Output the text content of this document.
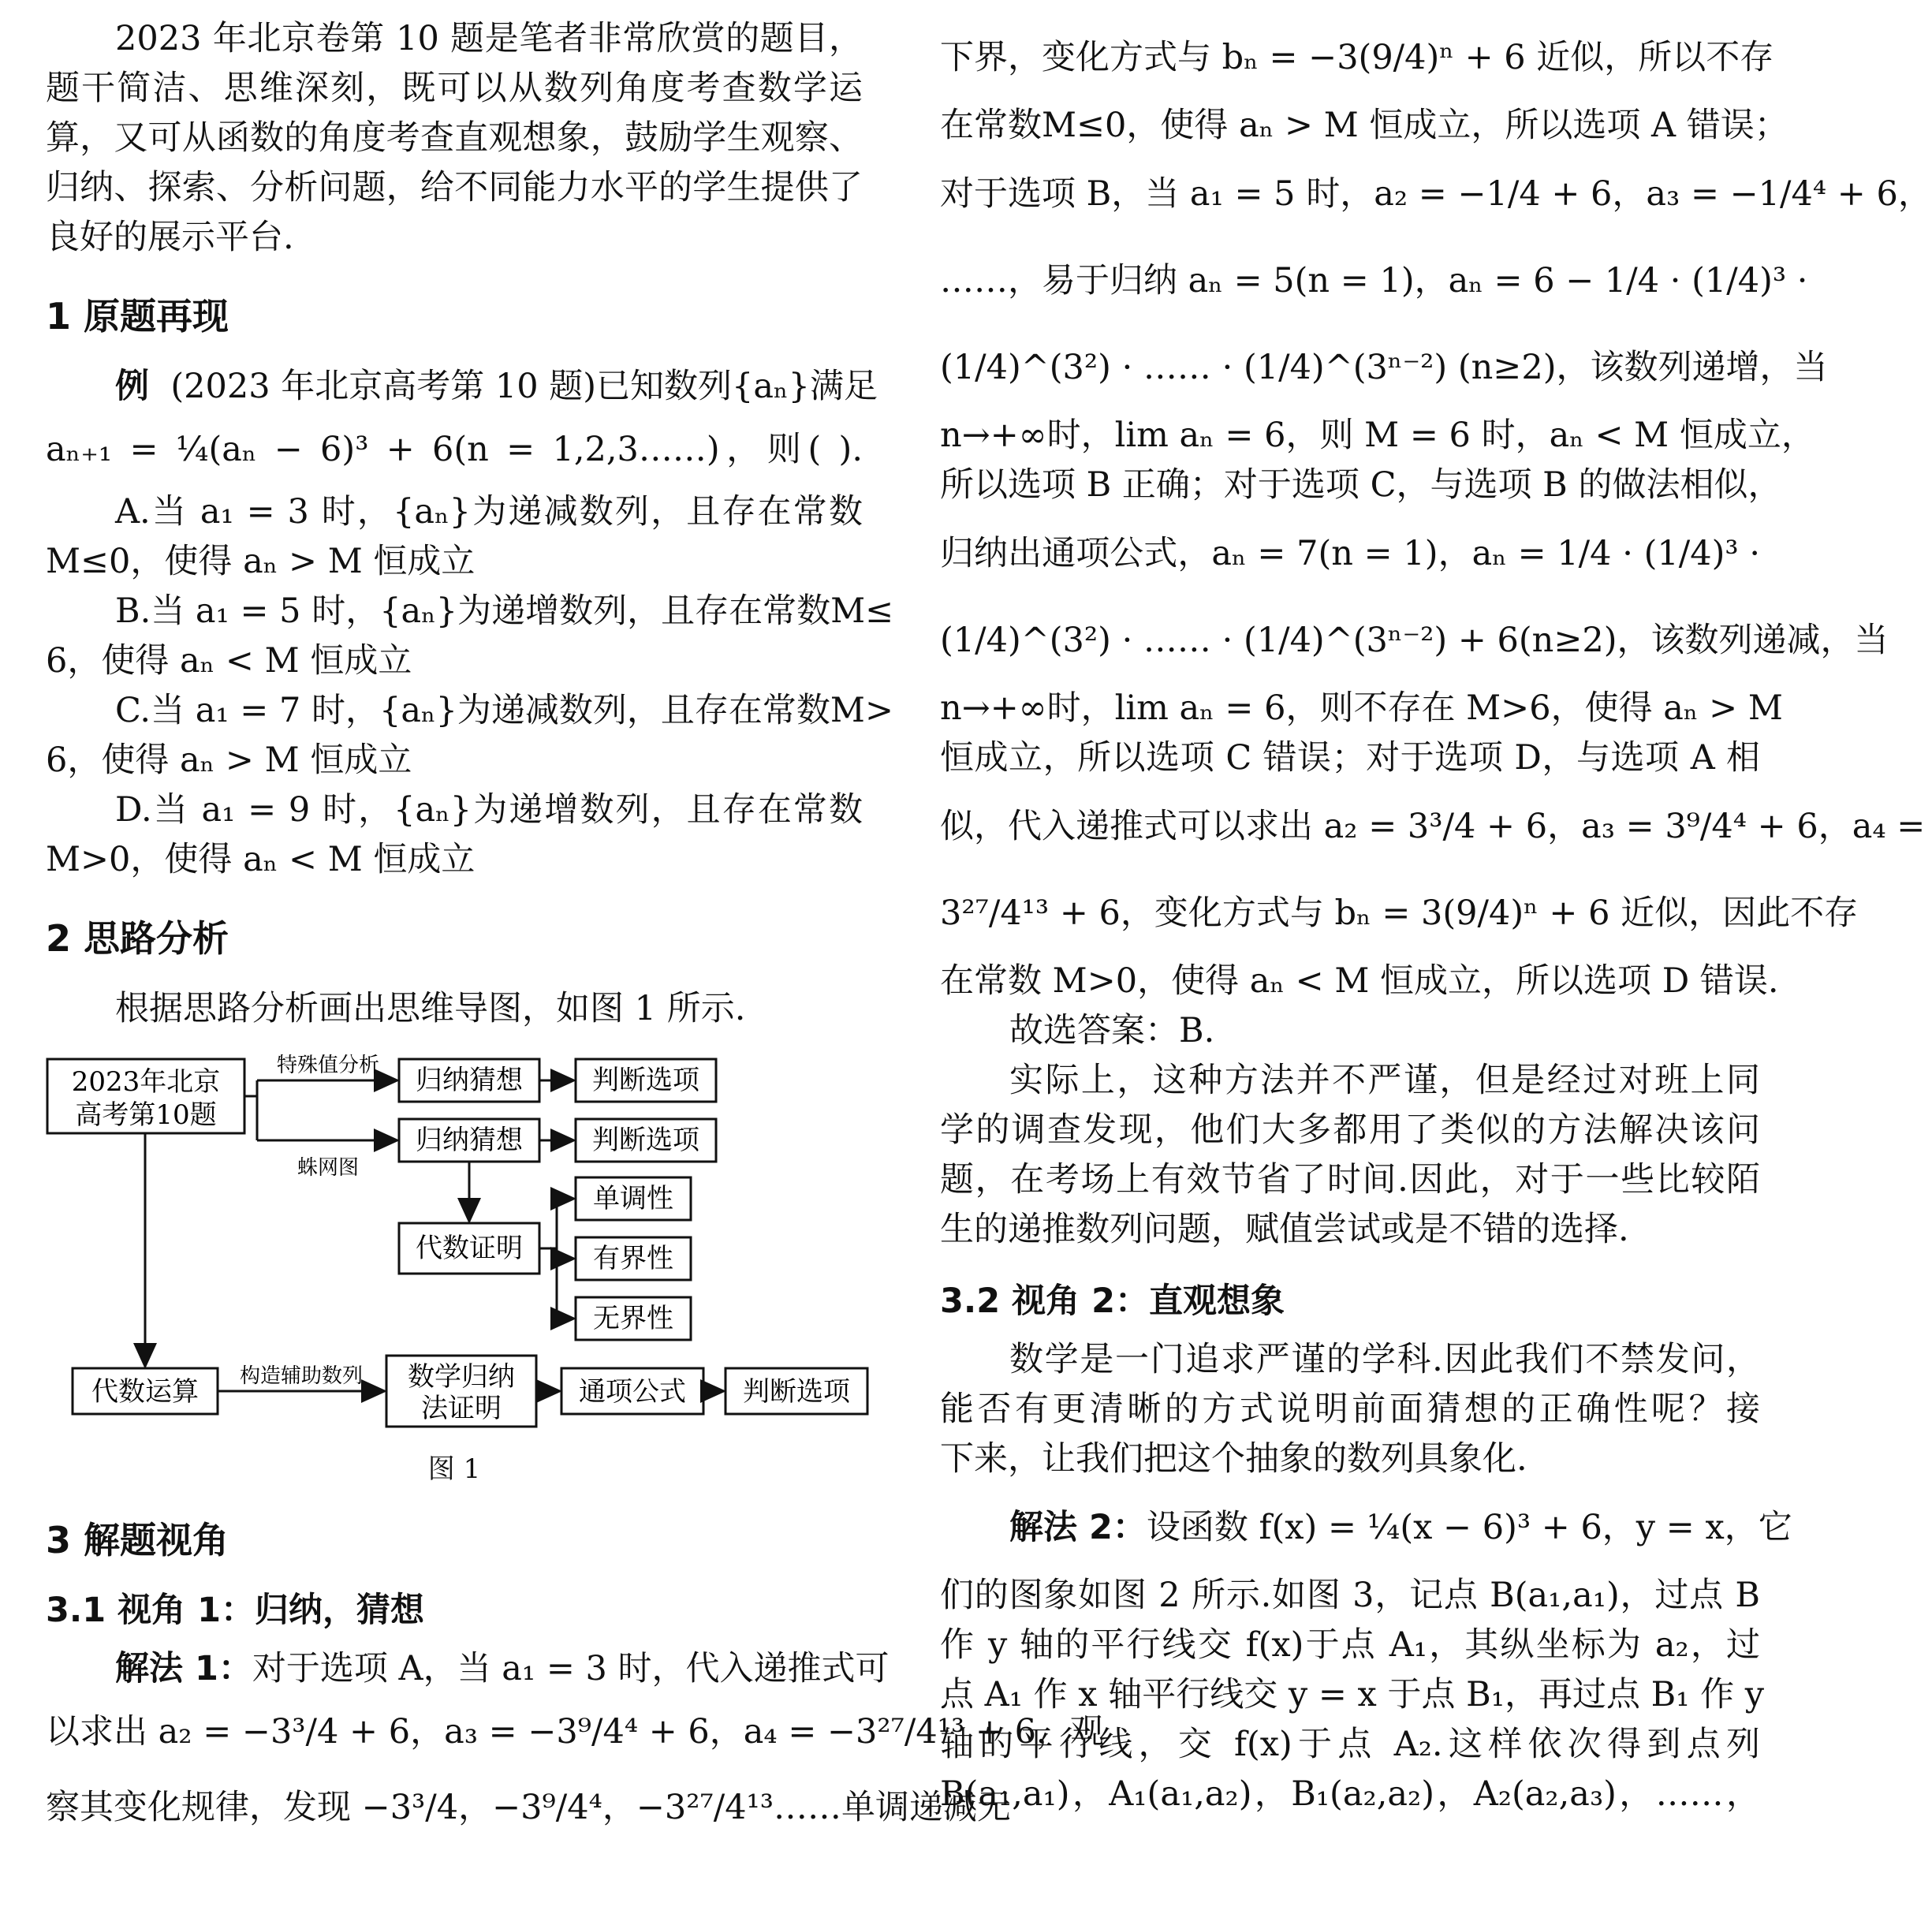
2023 年北京卷第 10 题是笔者非常欣赏的题目，
题干简洁、思维深刻，既可以从数列角度考查数学运
算，又可从函数的角度考查直观想象，鼓励学生观察、
归纳、探索、分析问题，给不同能力水平的学生提供了
良好的展示平台.
1 原题再现
例 (2023 年北京高考第 10 题)已知数列{aₙ}满足
aₙ₊₁ = ¼(aₙ − 6)³ + 6(n = 1,2,3……)，则( ).
A.当 a₁ = 3 时，{aₙ}为递减数列，且存在常数
M≤0，使得 aₙ > M 恒成立
B.当 a₁ = 5 时，{aₙ}为递增数列，且存在常数M≤
6，使得 aₙ < M 恒成立
C.当 a₁ = 7 时，{aₙ}为递减数列，且存在常数M>
6，使得 aₙ > M 恒成立
D.当 a₁ = 9 时，{aₙ}为递增数列，且存在常数
M>0，使得 aₙ < M 恒成立
2 思路分析
根据思路分析画出思维导图，如图 1 所示.
2023年北京
高考第10题
归纳猜想	判断选项
归纳猜想	判断选项
代数证明
单调性
有界性
无界性
代数运算	数学归纳
法证明
通项公式 判断选项
特殊值分析
蛛网图
构造辅助数列
图 1
3 解题视角
3.1 视角 1：归纳，猜想
解法 1：对于选项 A，当 a₁ = 3 时，代入递推式可
以求出 a₂ = −3³/4 + 6，a₃ = −3⁹/4⁴ + 6，a₄ = −3²⁷/4¹³ + 6，观
察其变化规律，发现 −3³/4，−3⁹/4⁴，−3²⁷/4¹³……单调递减无
下界，变化方式与 bₙ = −3(9/4)ⁿ + 6 近似，所以不存
在常数M≤0，使得 aₙ > M 恒成立，所以选项 A 错误；
对于选项 B，当 a₁ = 5 时，a₂ = −1/4 + 6，a₃ = −1/4⁴ + 6，
……，易于归纳 aₙ = 5(n = 1)，aₙ = 6 − 1/4 · (1/4)³ ·
(1/4)^(3²) · …… · (1/4)^(3ⁿ⁻²) (n≥2)，该数列递增，当
n→+∞时，lim aₙ = 6，则 M = 6 时，aₙ < M 恒成立，
所以选项 B 正确；对于选项 C，与选项 B 的做法相似，
归纳出通项公式，aₙ = 7(n = 1)，aₙ = 1/4 · (1/4)³ ·
(1/4)^(3²) · …… · (1/4)^(3ⁿ⁻²) + 6(n≥2)，该数列递减，当
n→+∞时，lim aₙ = 6，则不存在 M>6，使得 aₙ > M
恒成立，所以选项 C 错误；对于选项 D，与选项 A 相
似，代入递推式可以求出 a₂ = 3³/4 + 6，a₃ = 3⁹/4⁴ + 6，a₄ =
3²⁷/4¹³ + 6，变化方式与 bₙ = 3(9/4)ⁿ + 6 近似，因此不存
在常数 M>0，使得 aₙ < M 恒成立，所以选项 D 错误.
故选答案：B.
实际上，这种方法并不严谨，但是经过对班上同
学的调查发现，他们大多都用了类似的方法解决该问
题，在考场上有效节省了时间.因此，对于一些比较陌
生的递推数列问题，赋值尝试或是不错的选择.
3.2 视角 2：直观想象
数学是一门追求严谨的学科.因此我们不禁发问，
能否有更清晰的方式说明前面猜想的正确性呢？接
下来，让我们把这个抽象的数列具象化.
解法 2：设函数 f(x) = ¼(x − 6)³ + 6，y = x，它
们的图象如图 2 所示.如图 3，记点 B(a₁,a₁)，过点 B
作 y 轴的平行线交 f(x)于点 A₁，其纵坐标为 a₂，过
点 A₁ 作 x 轴平行线交 y = x 于点 B₁，再过点 B₁ 作 y
轴的平行线，交 f(x)于点 A₂.这样依次得到点列
B(a₁,a₁)，A₁(a₁,a₂)，B₁(a₂,a₂)，A₂(a₂,a₃)，……，
